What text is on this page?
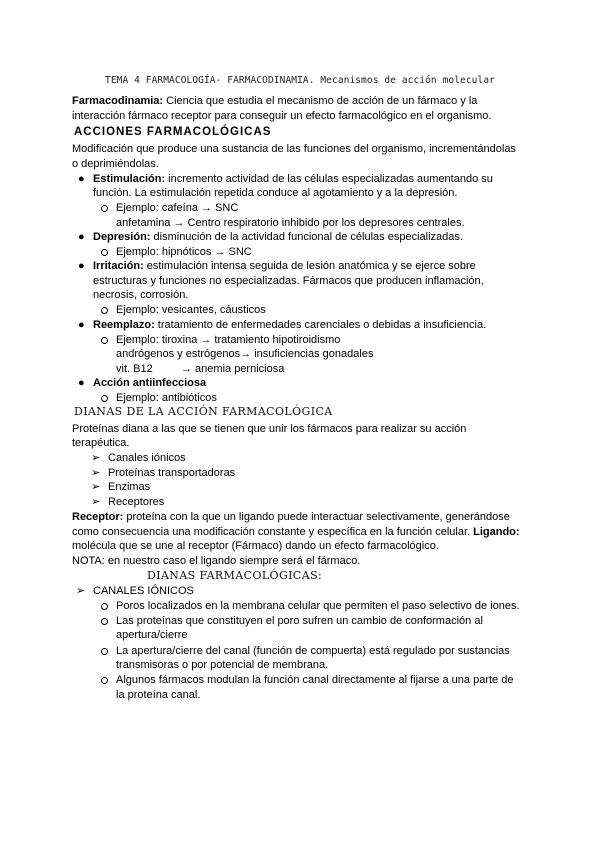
TEMA 4 FARMACOLOGÍA- FARMACODINAMIA. Mecanismos de acción molecular
Farmacodinamia: Ciencia que estudia el mecanismo de acción de un fármaco y la
interacción fármaco receptor para conseguir un efecto farmacológico en el organismo.
ACCIONES FARMACOLÓGICAS
Modificación que produce una sustancia de las funciones del organismo, incrementándolas
o deprimiéndolas.
● Estimulación: incremento actividad de las células especializadas aumentando su
función. La estimulación repetida conduce al agotamiento y a la depresión.
Ejemplo: cafeína → SNC
anfetamina → Centro respiratorio inhibido por los depresores centrales.
● Depresión: disminución de la actividad funcional de células especializadas.
Ejemplo: hipnóticos → SNC
● Irritación: estimulación intensa seguida de lesión anatómica y se ejerce sobre
estructuras y funciones no especializadas. Fármacos que producen inflamación,
necrosis, corrosión.
Ejemplo: vesicantes, cáusticos
● Reemplazo: tratamiento de enfermedades carenciales o debidas a insuficiencia.
Ejemplo: tiroxina → tratamiento hipotiroidismo
andrógenos y estrógenos→ insuficiencias gonadales
vit. B12	→ anemia perniciosa
● Acción antiinfecciosa
Ejemplo: antibióticos
DIANAS DE LA ACCIÓN FARMACOLÓGICA
Proteínas diana a las que se tienen que unir los fármacos para realizar su acción
terapéutica.
➢ Canales iónicos
➢ Proteínas transportadoras
➢ Enzimas
➢ Receptores
Receptor: proteína con la que un ligando puede interactuar selectivamente, generándose
como consecuencia una modificación constante y específica en la función celular. Ligando:
molécula que se une al receptor (Fármaco) dando un efecto farmacológico.
NOTA: en nuestro caso el ligando siempre será el fármaco.
DIANAS FARMACOLÓGICAS:
➢ CANALES IÓNICOS
Poros localizados en la membrana celular que permiten el paso selectivo de iones.
Las proteínas que constituyen el poro sufren un cambio de conformación al
apertura/cierre
La apertura/cierre del canal (función de compuerta) está regulado por sustancias
transmisoras o por potencial de membrana.
Algunos fármacos modulan la función canal directamente al fijarse a una parte de
la proteína canal.
